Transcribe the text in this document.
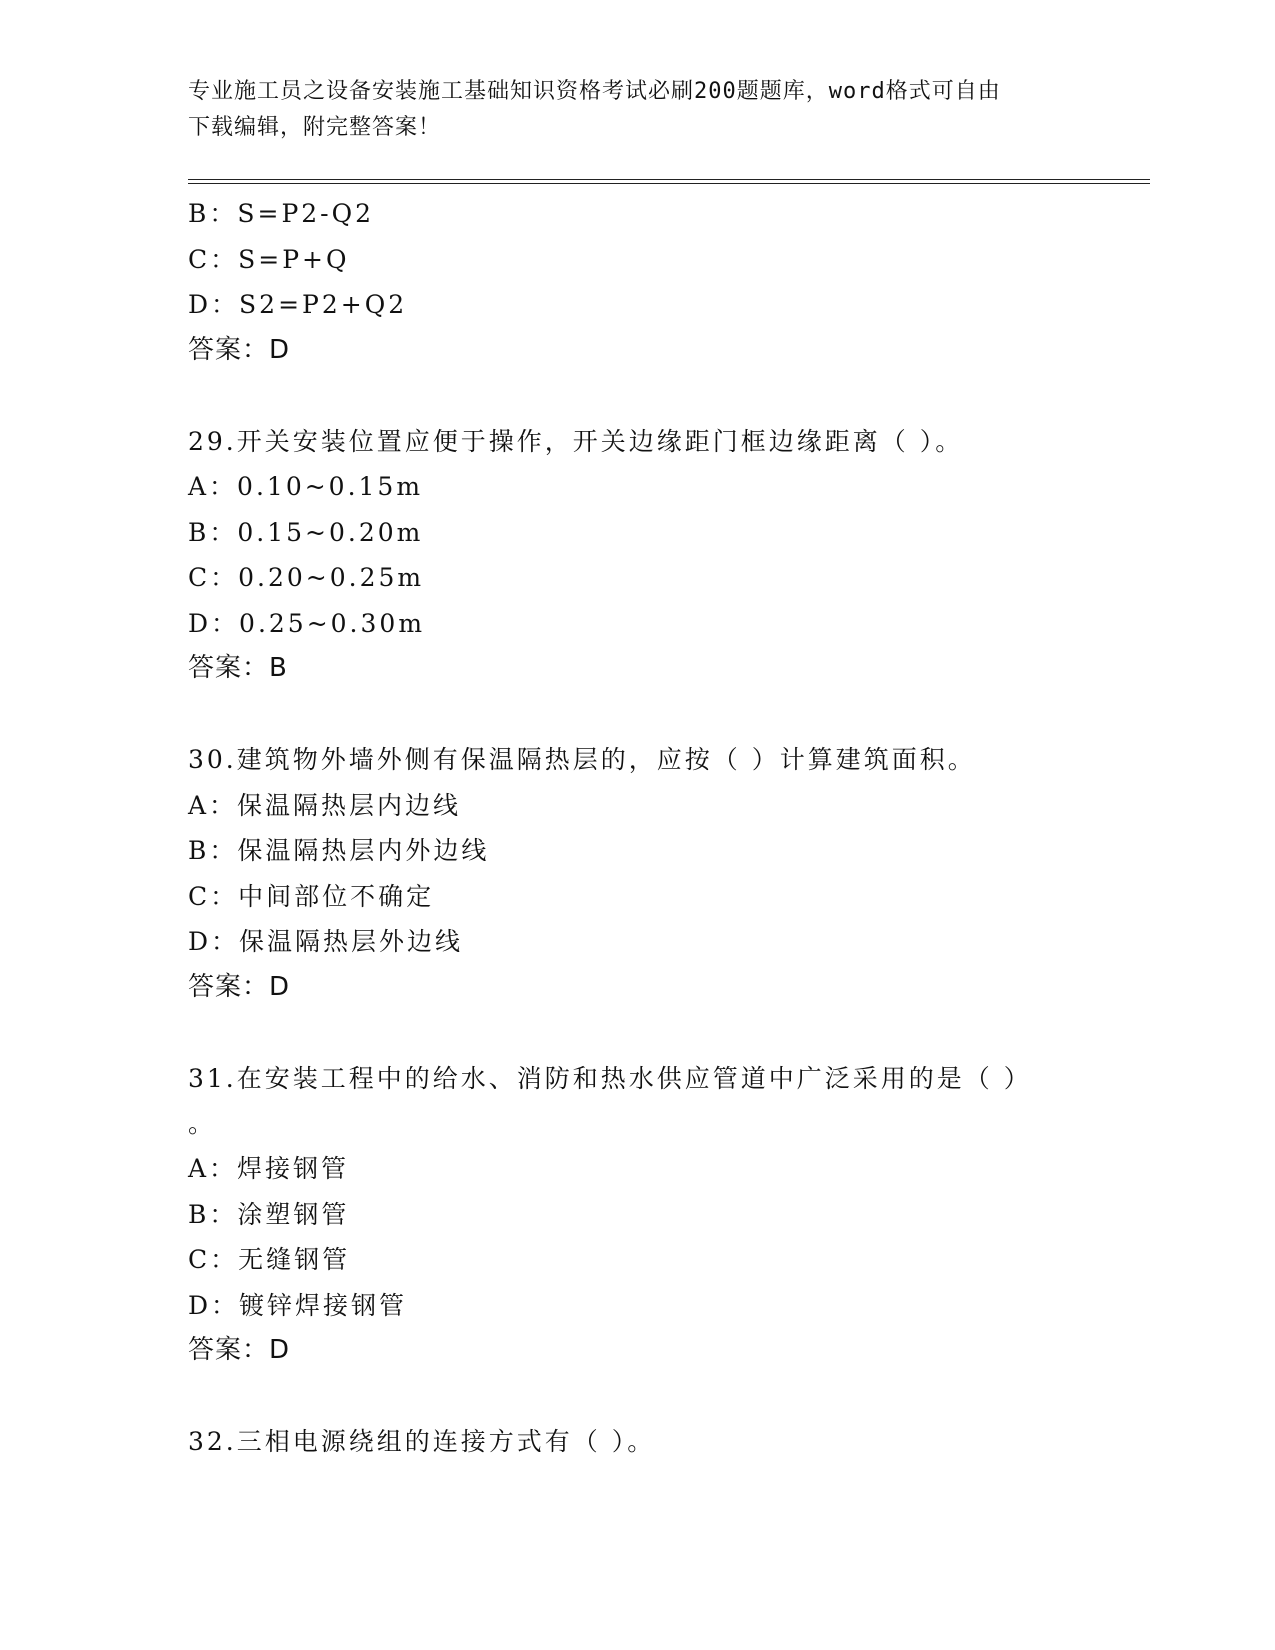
专业施工员之设备安装施工基础知识资格考试必刷200题题库，word格式可自由
下载编辑，附完整答案！
B：S=P2-Q2
C：S=P+Q
D：S2=P2+Q2
答案：D
29.开关安装位置应便于操作，开关边缘距门框边缘距离（ ）。
A：0.10~0.15m
B：0.15~0.20m
C：0.20~0.25m
D：0.25~0.30m
答案：B
30.建筑物外墙外侧有保温隔热层的，应按（ ）计算建筑面积。
A：保温隔热层内边线
B：保温隔热层内外边线
C：中间部位不确定
D：保温隔热层外边线
答案：D
31.在安装工程中的给水、消防和热水供应管道中广泛采用的是（ ）
。
A：焊接钢管
B：涂塑钢管
C：无缝钢管
D：镀锌焊接钢管
答案：D
32.三相电源绕组的连接方式有（ ）。
